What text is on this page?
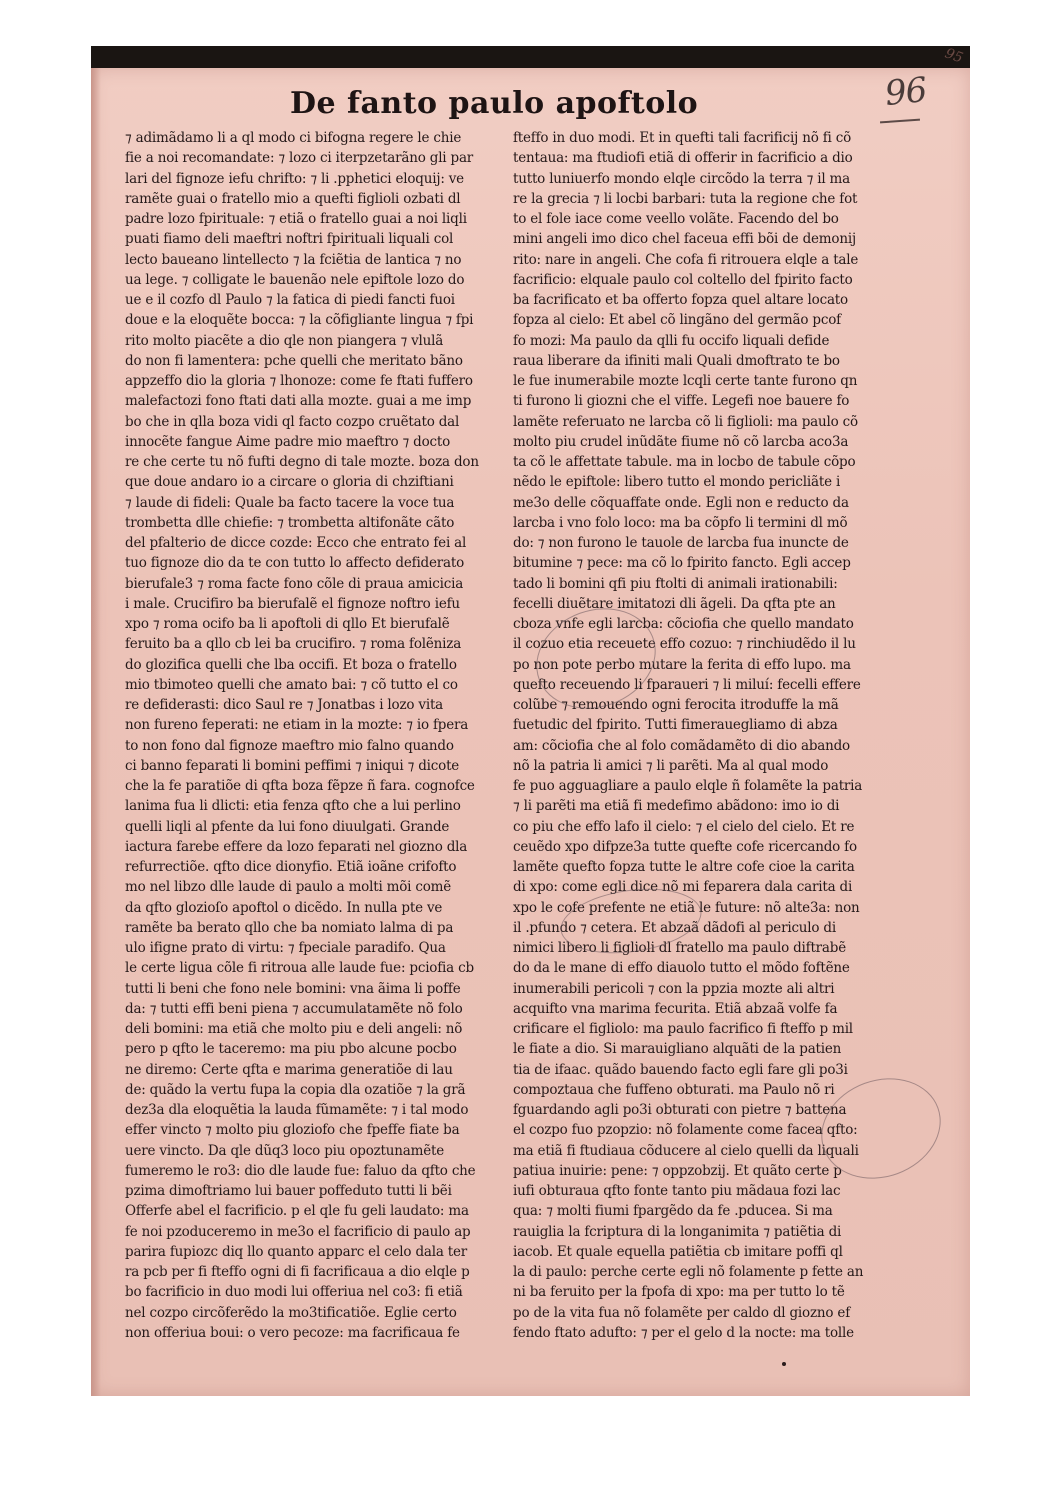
95
96
De fanto paulo apoftolo
⁊ adimãdamo li a ql modo ci bifogna regere le chie
fie a noi recomandate: ⁊ lozo ci iterpzetarãno gli par
lari del fignoze iefu chrifto: ⁊ li .pphetici eloquij: ve
ramẽte guai o fratello mio a quefti figlioli ozbati dl
padre lozo fpirituale: ⁊ etiã o fratello guai a noi liqli
puati fiamo deli maeftri noftri fpirituali liquali col
lecto baueano lintellecto ⁊ la fciẽtia de lantica ⁊ no
ua lege. ⁊ colligate le bauenão nele epiftole lozo do
ue e il cozfo dl Paulo ⁊ la fatica di piedi fancti fuoi
doue e la eloquẽte bocca: ⁊ la cõfigliante lingua ⁊ fpi
rito molto piacẽte a dio qle non piangera ⁊ vlulã
do non fi lamentera: pche quelli che meritato bãno
appzeffo dio la gloria ⁊ lhonoze: come fe ftati fuffero
malefactozi fono ftati dati alla mozte. guai a me imp
bo che in qlla boza vidi ql facto cozpo cruẽtato dal
innocẽte fangue Aime padre mio maeftro ⁊ docto
re che certe tu nõ fufti degno di tale mozte. boza don
que doue andaro io a circare o gloria di chziftiani
⁊ laude di fideli: Quale ba facto tacere la voce tua
trombetta dlle chiefie: ⁊ trombetta altifonãte cãto
del pfalterio de dicce cozde: Ecco che entrato fei al
tuo fignoze dio da te con tutto lo affecto defiderato
bierufale3 ⁊ roma facte fono cõle di praua amicicia
i male. Crucifiro ba bierufalẽ el fignoze noftro iefu
xpo ⁊ roma ocifo ba li apoftoli di qllo Et bierufalẽ
feruito ba a qllo cb lei ba crucifiro. ⁊ roma folẽniza
do glozifica quelli che lba occifi. Et boza o fratello
mio tbimoteo quelli che amato bai: ⁊ cõ tutto el co
re defiderasti: dico Saul re ⁊ Jonatbas i lozo vita
non fureno feperati: ne etiam in la mozte: ⁊ io fpera
to non fono dal fignoze maeftro mio falno quando
ci banno feparati li bomini peffimi ⁊ iniqui ⁊ dicote
che la fe paratiõe di qfta boza fẽpze ñ fara. cognofce
lanima fua li dlicti: etia fenza qfto che a lui perlino
quelli liqli al pfente da lui fono diuulgati. Grande
iactura farebe effere da lozo feparati nel giozno dla
refurrectiõe. qfto dice dionyfio. Etiã ioãne crifofto
mo nel libzo dlle laude di paulo a molti mõi comẽ
da qfto glozioſo apoftol o dicẽdo. In nulla pte ve
ramẽte ba berato qllo che ba nomiato lalma di pa
ulo ifigne prato di virtu: ⁊ fpeciale paradifo. Qua
le certe ligua cõle fi ritroua alle laude fue: pciofia cb
tutti li beni che fono nele bomini: vna ãima li poffe
da: ⁊ tutti effi beni piena ⁊ accumulatamẽte nõ folo
deli bomini: ma etiã che molto piu e deli angeli: nõ
pero p qfto le taceremo: ma piu pbo alcune pocbo
ne diremo: Certe qfta e marima generatiõe di lau
de: quãdo la vertu fupa la copia dla ozatiõe ⁊ la grã
dez3a dla eloquẽtia la lauda fũmamẽte: ⁊ i tal modo
effer vincto ⁊ molto piu gloziofo che fpeffe fiate ba
uere vincto. Da qle dũq3 loco piu opoztunamẽte
fumeremo le ro3: dio dle laude fue: faluo da qfto che
pzima dimoftriamo lui bauer poffeduto tutti li bẽi
Offerfe abel el facrificio. p el qle fu geli laudato: ma
fe noi pzoduceremo in me3o el facrificio di paulo ap
parira fupiozc diq llo quanto apparc el celo dala ter
ra pcb per fi fteffo ogni di fi facrificaua a dio elqle p
bo facrificio in duo modi lui offeriua nel co3: fi etiã
nel cozpo circõferẽdo la mo3tificatiõe. Eglie certo
non offeriua boui: o vero pecoze: ma facrificaua fe
fteffo in duo modi. Et in quefti tali facrificij nõ fi cõ
tentaua: ma ftudiofi etiã di offerir in facrificio a dio
tutto luniuerfo mondo elqle circõdo la terra ⁊ il ma
re la grecia ⁊ li locbi barbari: tuta la regione che fot
to el fole iace come veello volãte. Facendo del bo
mini angeli imo dico chel faceua effi bõi de demonij
rito: nare in angeli. Che cofa fi ritrouera elqle a tale
facrificio: elquale paulo col coltello del fpirito facto
ba facrificato et ba offerto fopza quel altare locato
fopza al cielo: Et abel cõ lingãno del germão pcof
fo mozi: Ma paulo da qlli fu occifo liquali defide
raua liberare da ifiniti mali Quali dmoftrato te bo
le fue inumerabile mozte lcqli certe tante furono qn
ti furono li giozni che el viffe. Legefi noe bauere fo
lamẽte referuato ne larcba cõ li figlioli: ma paulo cõ
molto piu crudel inũdãte fiume nõ cõ larcba aco3a
ta cõ le affettate tabule. ma in locbo de tabule cõpo
nẽdo le epiftole: libero tutto el mondo pericliãte i
me3o delle cõquaffate onde. Egli non e reducto da
larcba i vno folo loco: ma ba cõpfo li termini dl mõ
do: ⁊ non furono le tauole de larcba fua inuncte de
bitumine ⁊ pece: ma cõ lo fpirito fancto. Egli accep
tado li bomini qfi piu ftolti di animali irationabili:
fecelli diuẽtare imitatozi dli ãgeli. Da qfta pte an
cboza vnfe egli larcba: cõciofia che quello mandato
il cozuo etia receuete effo cozuo: ⁊ rinchiudẽdo il lu
po non pote perbo mutare la ferita di effo lupo. ma
quefto receuendo li fparaueri ⁊ li miluí: fecelli effere
colũbe ⁊ remouendo ogni ferocita itroduffe la mã
fuetudic del fpirito. Tutti fimerauegliamo di abza
am: cõciofia che al folo comãdamẽto di dio abando
nõ la patria li amici ⁊ li parẽti. Ma al qual modo
fe puo agguagliare a paulo elqle ñ folamẽte la patria
⁊ li parẽti ma etiã fi medefimo abãdono: imo io di
co piu che effo lafo il cielo: ⁊ el cielo del cielo. Et re
ceuẽdo xpo difpze3a tutte quefte cofe ricercando fo
lamẽte quefto fopza tutte le altre cofe cioe la carita
di xpo: come egli dice nõ mi feparera dala carita di
xpo le cofe prefente ne etiã le future: nõ alte3a: non
il .pfundo ⁊ cetera. Et abzaã dãdofi al periculo di
nimici libero li figlioli dl fratello ma paulo diftrabẽ
do da le mane di effo diauolo tutto el mõdo foftẽne
inumerabili pericoli ⁊ con la ppzia mozte ali altri
acquifto vna marima fecurita. Etiã abzaã volfe fa
crificare el figliolo: ma paulo facrifico fi fteffo p mil
le fiate a dio. Si marauigliano alquãti de la patien
tia de ifaac. quãdo bauendo facto egli fare gli po3i
compoztaua che fuffeno obturati. ma Paulo nõ ri
fguardando agli po3i obturati con pietre ⁊ battena
el cozpo fuo pzopzio: nõ folamente come facea qfto:
ma etiã fi ftudiaua cõducere al cielo quelli da liquali
patiua inuirie: pene: ⁊ oppzobzij. Et quãto certe p
iufi obturaua qfto fonte tanto piu mãdaua fozi lac
qua: ⁊ molti fiumi fpargẽdo da fe .pducea. Si ma
rauiglia la fcriptura di la longanimita ⁊ patiẽtia di
iacob. Et quale equella patiẽtia cb imitare poffi ql
la di paulo: perche certe egli nõ folamente p fette an
ni ba feruito per la fpofa di xpo: ma per tutto lo tẽ
po de la vita fua nõ folamẽte per caldo dl giozno ef
fendo ftato adufto: ⁊ per el gelo d la nocte: ma tolle
